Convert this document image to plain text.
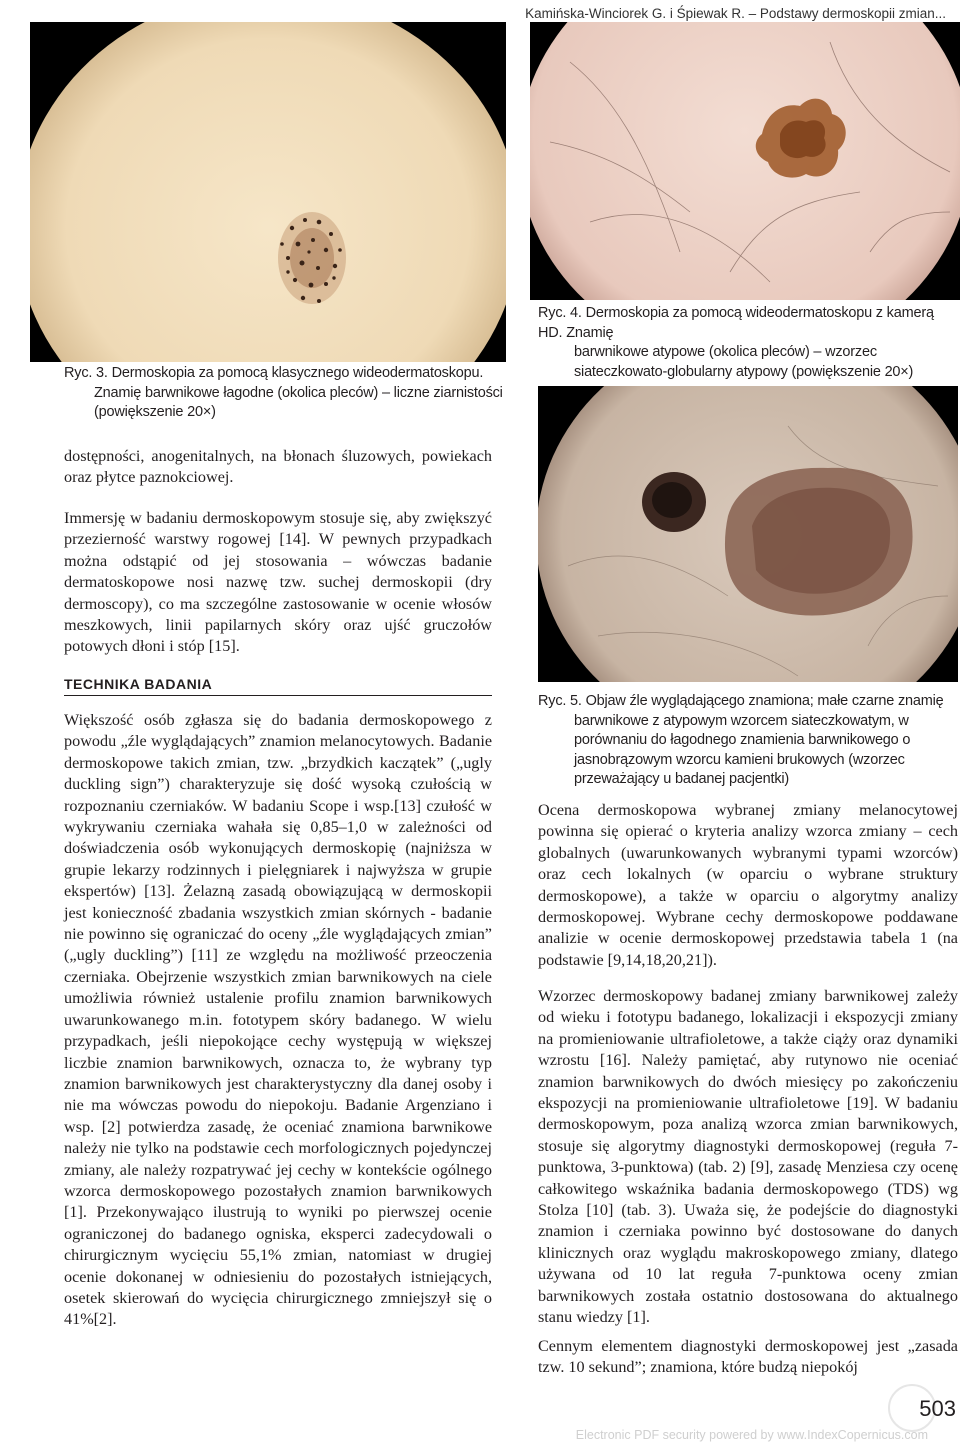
Kamińska-Winciorek G. i Śpiewak R. – Podstawy dermoskopii zmian...
Ryc. 3. Dermoskopia za pomocą klasycznego wideodermatoskopu.
Znamię barwnikowe łagodne (okolica pleców) – liczne ziarnistości (powiększenie 20×)
Ryc. 4. Dermoskopia za pomocą wideodermatoskopu z kamerą HD. Znamię
barwnikowe atypowe (okolica pleców) – wzorzec siateczkowato-globularny atypowy (powiększenie 20×)
Ryc. 5. Objaw źle wyglądającego znamiona; małe czarne znamię
barwnikowe z atypowym wzorcem siateczkowatym, w porównaniu do łagodnego znamienia barwnikowego o jasnobrązowym wzorcu kamieni brukowych (wzorzec przeważający u badanej pacjentki)

dostępności, anogenitalnych, na błonach śluzowych, powiekach oraz płytce paznokciowej.

Immersję w badaniu dermoskopowym stosuje się, aby zwiększyć przezierność warstwy rogowej [14]. W pewnych przypadkach można odstąpić od jej stosowania – wówczas badanie dermatoskopowe nosi nazwę tzw. suchej dermoskopii (dry dermoscopy), co ma szczególne zastosowanie w ocenie włosów meszkowych, linii papilarnych skóry oraz ujść gruczołów potowych dłoni i stóp [15].

TECHNIKA BADANIA

Większość osób zgłasza się do badania dermoskopowego z powodu „źle wyglądających” znamion melanocytowych. Badanie dermoskopowe takich zmian, tzw. „brzydkich kaczątek” („ugly duckling sign”) charakteryzuje się dość wysoką czułością w rozpoznaniu czerniaków. W badaniu Scope i wsp.[13] czułość w wykrywaniu czerniaka wahała się 0,85–1,0 w zależności od doświadczenia osób wykonujących dermoskopię (najniższa w grupie lekarzy rodzinnych i pielęgniarek i najwyższa w grupie ekspertów) [13]. Żelazną zasadą obowiązującą w dermoskopii jest konieczność zbadania wszystkich zmian skórnych - badanie nie powinno się ograniczać do oceny „źle wyglądających zmian” („ugly duckling”) [11] ze względu na możliwość przeoczenia czerniaka. Obejrzenie wszystkich zmian barwnikowych na ciele umożliwia również ustalenie profilu znamion barwnikowych uwarunkowanego m.in. fototypem skóry badanego. W wielu przypadkach, jeśli niepokojące cechy występują w większej liczbie znamion barwnikowych, oznacza to, że wybrany typ znamion barwnikowych jest charakterystyczny dla danej osoby i nie ma wówczas powodu do niepokoju. Badanie Argenziano i wsp. [2] potwierdza zasadę, że oceniać znamiona barwnikowe należy nie tylko na podstawie cech morfologicznych pojedynczej zmiany, ale należy rozpatrywać jej cechy w kontekście ogólnego wzorca dermoskopowego pozostałych znamion barwnikowych [1]. Przekonywająco ilustrują to wyniki po pierwszej ocenie ograniczonej do badanego ogniska, eksperci zadecydowali o chirurgicznym wycięciu 55,1% zmian, natomiast w drugiej ocenie dokonanej w odniesieniu do pozostałych istniejących, osetek skierowań do wycięcia chirurgicznego zmniejszył się o 41%[2].

Ocena dermoskopowa wybranej zmiany melanocytowej powinna się opierać o kryteria analizy wzorca zmiany – cech globalnych (uwarunkowanych wybranymi typami wzorców) oraz cech lokalnych (w oparciu o wybrane struktury dermoskopowe), a także w oparciu o algorytmy analizy dermoskopowej. Wybrane cechy dermoskopowe poddawane analizie w ocenie dermoskopowej przedstawia tabela 1 (na podstawie [9,14,18,20,21]).

Wzorzec dermoskopowy badanej zmiany barwnikowej zależy od wieku i fototypu badanego, lokalizacji i ekspozycji zmiany na promieniowanie ultrafioletowe, a także ciąży oraz dynamiki wzrostu [16]. Należy pamiętać, aby rutynowo nie oceniać znamion barwnikowych do dwóch miesięcy po zakończeniu ekspozycji na promieniowanie ultrafioletowe [19]. W badaniu dermoskopowym, poza analizą wzorca zmian barwnikowych, stosuje się algorytmy diagnostyki dermoskopowej (reguła 7-punktowa, 3-punktowa) (tab. 2) [9], zasadę Menziesa czy ocenę całkowitego wskaźnika badania dermoskopowego (TDS) wg Stolza [10] (tab. 3). Uważa się, że podejście do diagnostyki znamion i czerniaka powinno być dostosowane do danych klinicznych oraz wyglądu makroskopowego zmiany, dlatego używana od 10 lat reguła 7-punktowa oceny zmian barwnikowych została ostatnio dostosowana do aktualnego stanu wiedzy [1].

Cennym elementem diagnostyki dermoskopowej jest „zasada tzw. 10 sekund”; znamiona, które budzą niepokój

503
Electronic PDF security powered by www.IndexCopernicus.com
